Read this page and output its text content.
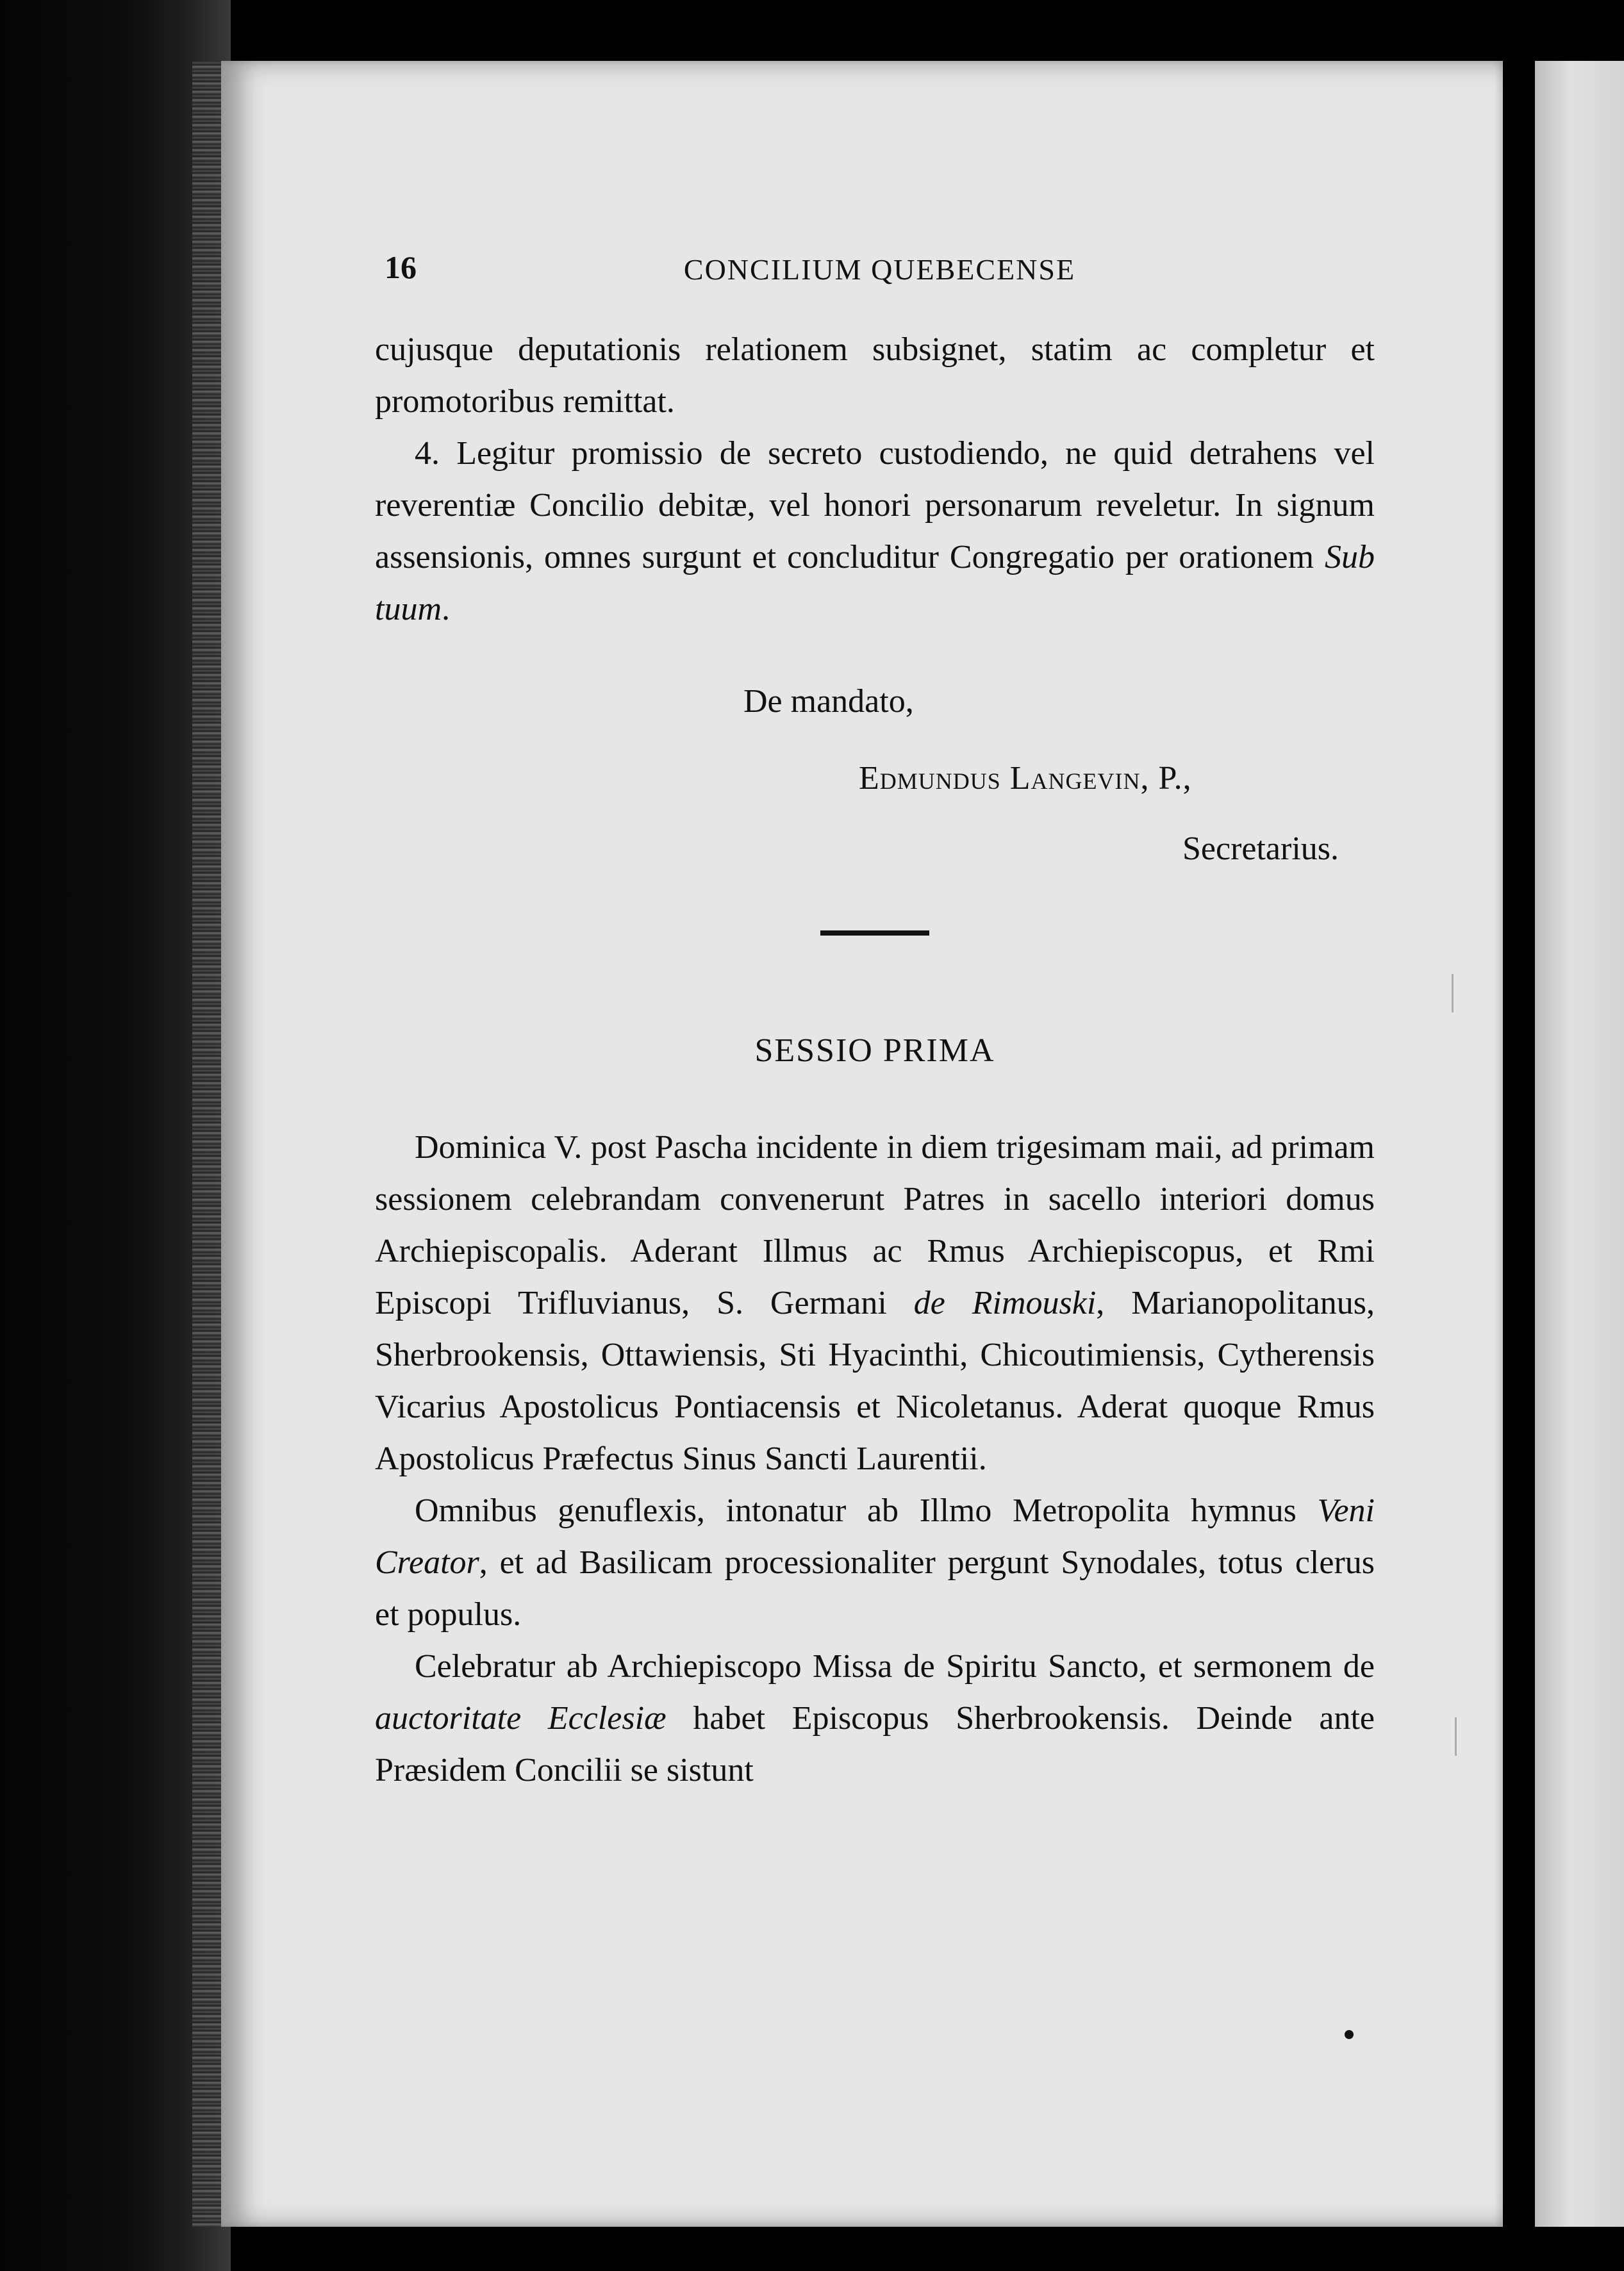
16	CONCILIUM QUEBECENSE

cujusque deputationis relationem subsignet, statim ac completur et promotoribus remittat.

4. Legitur promissio de secreto custodiendo, ne quid detrahens vel reverentiæ Concilio debitæ, vel honori personarum reveletur. In signum assensionis, omnes surgunt et concluditur Congregatio per orationem Sub tuum.

De mandato,
Edmundus Langevin, P.,
Secretarius.
SESSIO PRIMA

Dominica V. post Pascha incidente in diem trigesimam maii, ad primam sessionem celebrandam convenerunt Patres in sacello interiori domus Archiepiscopalis. Aderant Illmus ac Rmus Archiepiscopus, et Rmi Episcopi Trifluvianus, S. Germani de Rimouski, Marianopolitanus, Sherbrookensis, Ottawiensis, Sti Hyacinthi, Chicoutimiensis, Cytherensis Vicarius Apostolicus Pontiacensis et Nicoletanus. Aderat quoque Rmus Apostolicus Præfectus Sinus Sancti Laurentii.

Omnibus genuflexis, intonatur ab Illmo Metropolita hymnus Veni Creator, et ad Basilicam processionaliter pergunt Synodales, totus clerus et populus.

Celebratur ab Archiepiscopo Missa de Spiritu Sancto, et sermonem de auctoritate Ecclesiæ habet Episcopus Sherbrookensis. Deinde ante Præsidem Concilii se sistunt
